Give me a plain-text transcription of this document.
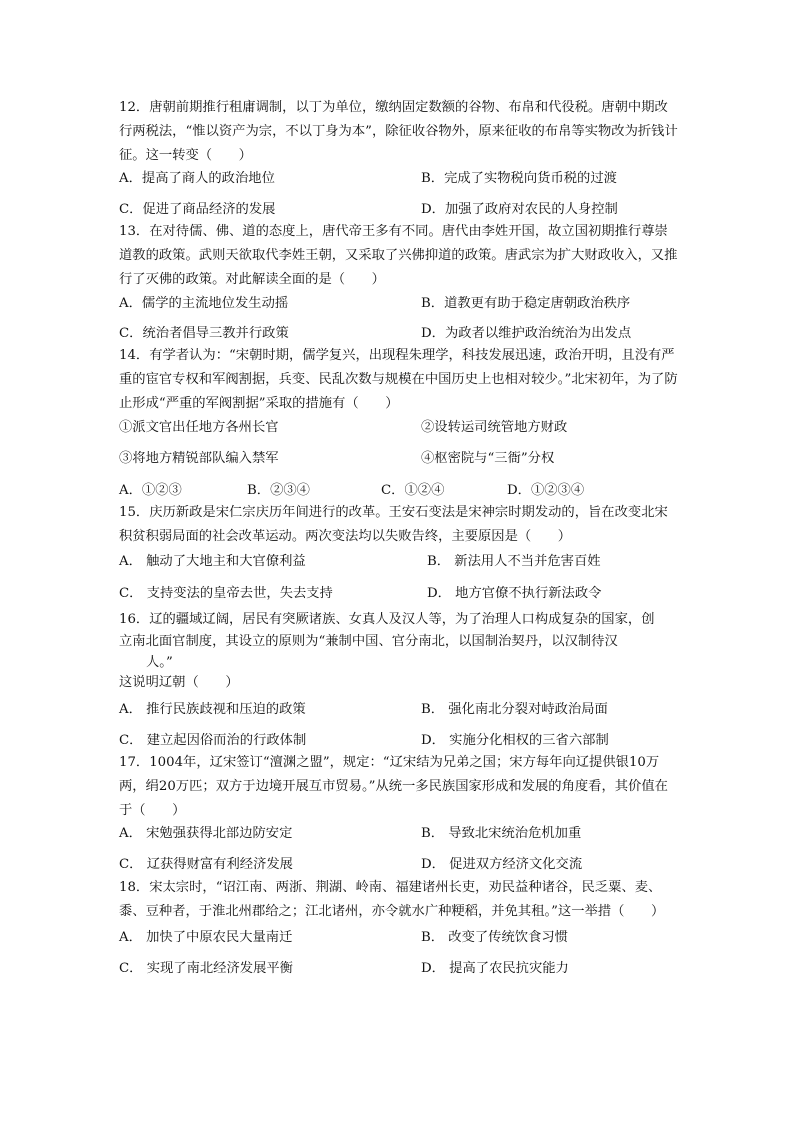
12．唐朝前期推行租庸调制，以丁为单位，缴纳固定数额的谷物、布帛和代役税。唐朝中期改行两税法，“惟以资产为宗，不以丁身为本”，除征收谷物外，原来征收的布帛等实物改为折钱计征。这一转变（　　）

A．提高了商人的政治地位	B．完成了实物税向货币税的过渡
C．促进了商品经济的发展	D．加强了政府对农民的人身控制

13．在对待儒、佛、道的态度上，唐代帝王多有不同。唐代由李姓开国，故立国初期推行尊崇道教的政策。武则天欲取代李姓王朝，又采取了兴佛抑道的政策。唐武宗为扩大财政收入，又推行了灭佛的政策。对此解读全面的是（　　）

A．儒学的主流地位发生动摇	B．道教更有助于稳定唐朝政治秩序
C．统治者倡导三教并行政策	D．为政者以维护政治统治为出发点

14．有学者认为：“宋朝时期，儒学复兴，出现程朱理学，科技发展迅速，政治开明，且没有严重的宦官专权和军阀割据，兵变、民乱次数与规模在中国历史上也相对较少。”北宋初年，为了防止形成“严重的军阀割据”采取的措施有（　　）

①派文官出任地方各州长官	②设转运司统管地方财政
③将地方精锐部队编入禁军	④枢密院与“三衙”分权
A．①②③	B．②③④	C．①②④	D．①②③④

15．庆历新政是宋仁宗庆历年间进行的改革。王安石变法是宋神宗时期发动的，旨在改变北宋积贫积弱局面的社会改革运动。两次变法均以失败告终，主要原因是（　　）

A． 触动了大地主和大官僚利益	B． 新法用人不当并危害百姓
C． 支持变法的皇帝去世，失去支持	D． 地方官僚不执行新法政令
16．辽的疆域辽阔，居民有突厥诸族、女真人及汉人等，为了治理人口构成复杂的国家，创
立南北面官制度，其设立的原则为“兼制中国、官分南北，以国制治契丹，以汉制待汉
人。”
这说明辽朝（　　）
A． 推行民族歧视和压迫的政策	B． 强化南北分裂对峙政治局面
C． 建立起因俗而治的行政体制	D． 实施分化相权的三省六部制

17．1004年，辽宋签订“澶渊之盟”，规定：“辽宋结为兄弟之国；宋方每年向辽提供银10万两，绢20万匹；双方于边境开展互市贸易。”从统一多民族国家形成和发展的角度看，其价值在于（　　）

A． 宋勉强获得北部边防安定	B． 导致北宋统治危机加重
C． 辽获得财富有利经济发展	D． 促进双方经济文化交流

18．宋太宗时，“诏江南、两浙、荆湖、岭南、福建诸州长吏，劝民益种诸谷，民乏粟、麦、黍、豆种者，于淮北州郡给之；江北诸州，亦令就水广种粳稻，并免其租。”这一举措（　　）

A． 加快了中原农民大量南迁	B． 改变了传统饮食习惯
C． 实现了南北经济发展平衡	D． 提高了农民抗灾能力
